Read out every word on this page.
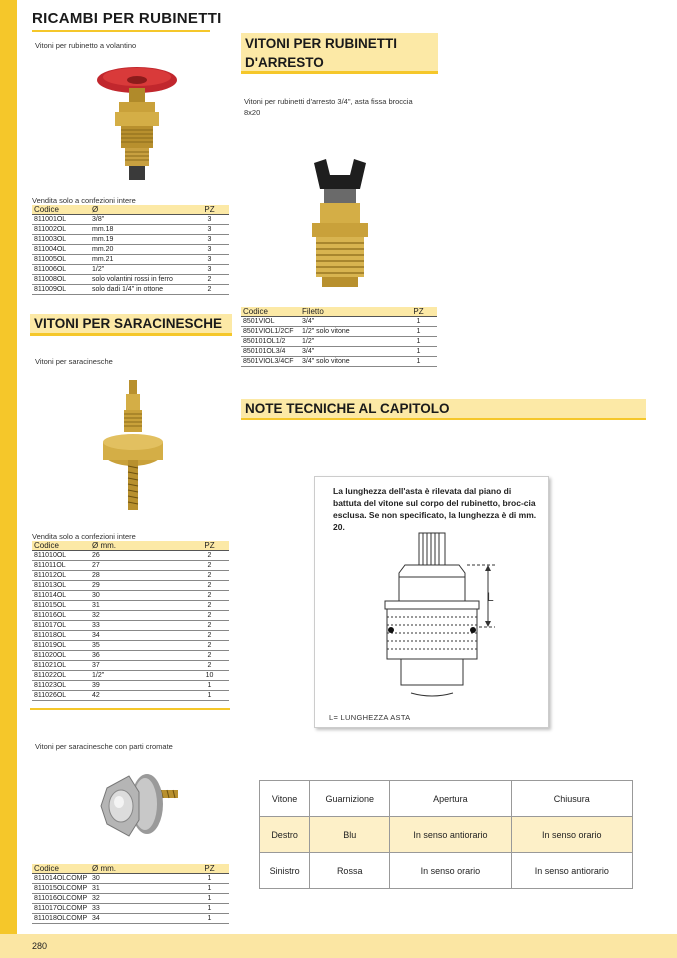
RICAMBI PER RUBINETTI
Vitoni per rubinetto a volantino
Vendita solo a confezioni intere
Codice	Ø	PZ
811001OL	3/8"	3
811002OL	mm.18	3
811003OL	mm.19	3
811004OL	mm.20	3
811005OL	mm.21	3
811006OL	1/2"	3
811008OL	solo volantini rossi in ferro	2
811009OL	solo dadi 1/4" in ottone	2
VITONI PER SARACINESCHE
Vitoni per saracinesche
Vendita solo a confezioni intere
Codice	Ø mm.	PZ
811010OL	26	2
811011OL	27	2
811012OL	28	2
811013OL	29	2
811014OL	30	2
811015OL	31	2
811016OL	32	2
811017OL	33	2
811018OL	34	2
811019OL	35	2
811020OL	36	2
811021OL	37	2
811022OL	1/2"	10
811023OL	39	1
811026OL	42	1
Vitoni per saracinesche con parti cromate
Codice	Ø mm.	PZ
811014OLCOMP	30	1
811015OLCOMP	31	1
811016OLCOMP	32	1
811017OLCOMP	33	1
811018OLCOMP	34	1
VITONI PER RUBINETTI
D'ARRESTO
Vitoni per rubinetti d'arresto 3/4", asta fissa broccia
8x20
Codice	Filetto	PZ
8501VIOL	3/4"	1
8501VIOL1/2CF	1/2" solo vitone	1
850101OL1/2	1/2"	1
850101OL3/4	3/4"	1
8501VIOL3/4CF	3/4" solo vitone	1
NOTE TECNICHE AL CAPITOLO
La lunghezza dell'asta è rilevata dal piano di battuta del vitone sul corpo del rubinetto, broc-cia esclusa. Se non specificato, la lunghezza è di mm. 20.
L
L= LUNGHEZZA ASTA
Vitone	Guarnizione	Apertura	Chiusura
Destro	Blu	In senso antiorario	In senso orario
Sinistro	Rossa	In senso orario	In senso antiorario
280
